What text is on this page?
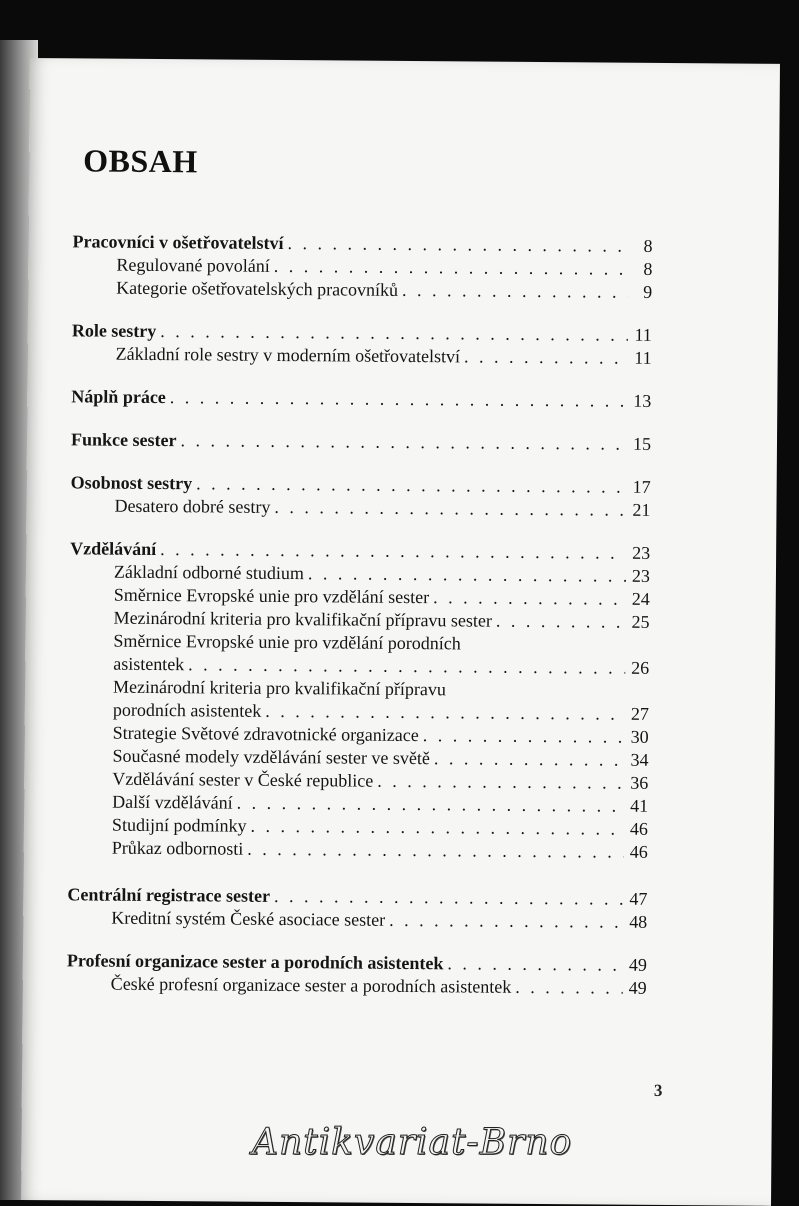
OBSAH
Pracovníci v ošetřovatelství . . .	8
Regulované povolání . . .	8
Kategorie ošetřovatelských pracovníků . . .	9
Role sestry . . .	11
Základní role sestry v moderním ošetřovatelství . . .	11
Náplň práce . . .	13
Funkce sester . . .	15
Osobnost sestry . . .	17
Desatero dobré sestry . . .	21
Vzdělávání . . .	23
Základní odborné studium . . .	23
Směrnice Evropské unie pro vzdělání sester . . .	24
Mezinárodní kriteria pro kvalifikační přípravu sester . . .	25
Směrnice Evropské unie pro vzdělání porodních
asistentek . . .	26
Mezinárodní kriteria pro kvalifikační přípravu
porodních asistentek . . .	27
Strategie Světové zdravotnické organizace . . .	30
Současné modely vzdělávání sester ve světě . . .	34
Vzdělávání sester v České republice . . .	36
Další vzdělávání . . .	41
Studijní podmínky . . .	46
Průkaz odbornosti . . .	46
Centrální registrace sester . . .	47
Kreditní systém České asociace sester . . .	48
Profesní organizace sester a porodních asistentek . . .	49
České profesní organizace sester a porodních asistentek . . .	49
3
Antikvariat-Brno
